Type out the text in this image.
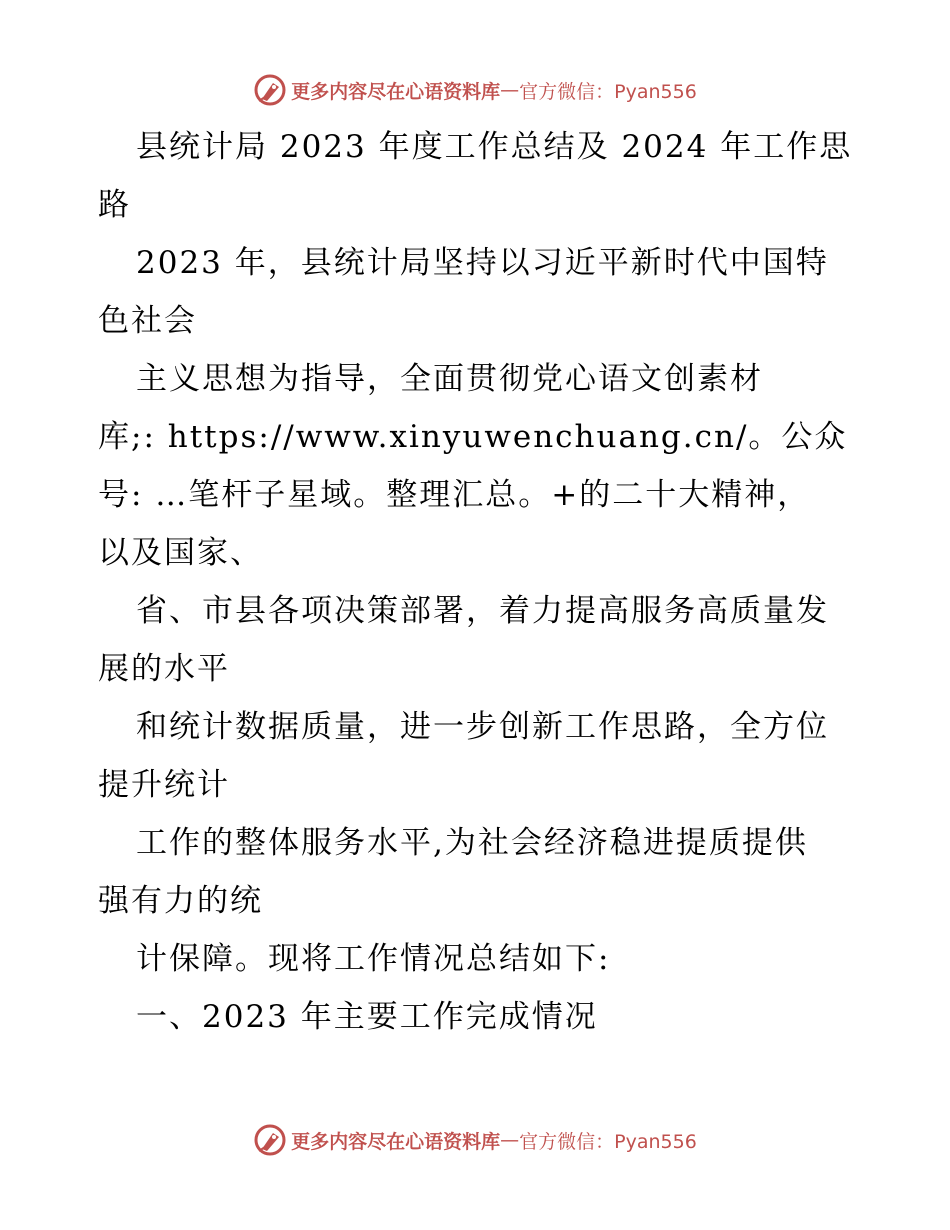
更多内容尽在心语资料库 — 官方微信：Pyan556
县统计局 2023 年度工作总结及 2024 年工作思
路
2023 年，县统计局坚持以习近平新时代中国特
色社会
主义思想为指导，全面贯彻党心语文创素材
库;: https://www.xinyuwenchuang.cn/。公众
号: …笔杆子星域。整理汇总。+的二十大精神，
以及国家、
省、市县各项决策部署，着力提高服务高质量发
展的水平
和统计数据质量，进一步创新工作思路，全方位
提升统计
工作的整体服务水平,为社会经济稳进提质提供
强有力的统
计保障。现将工作情况总结如下:
一、2023 年主要工作完成情况
更多内容尽在心语资料库 — 官方微信：Pyan556
